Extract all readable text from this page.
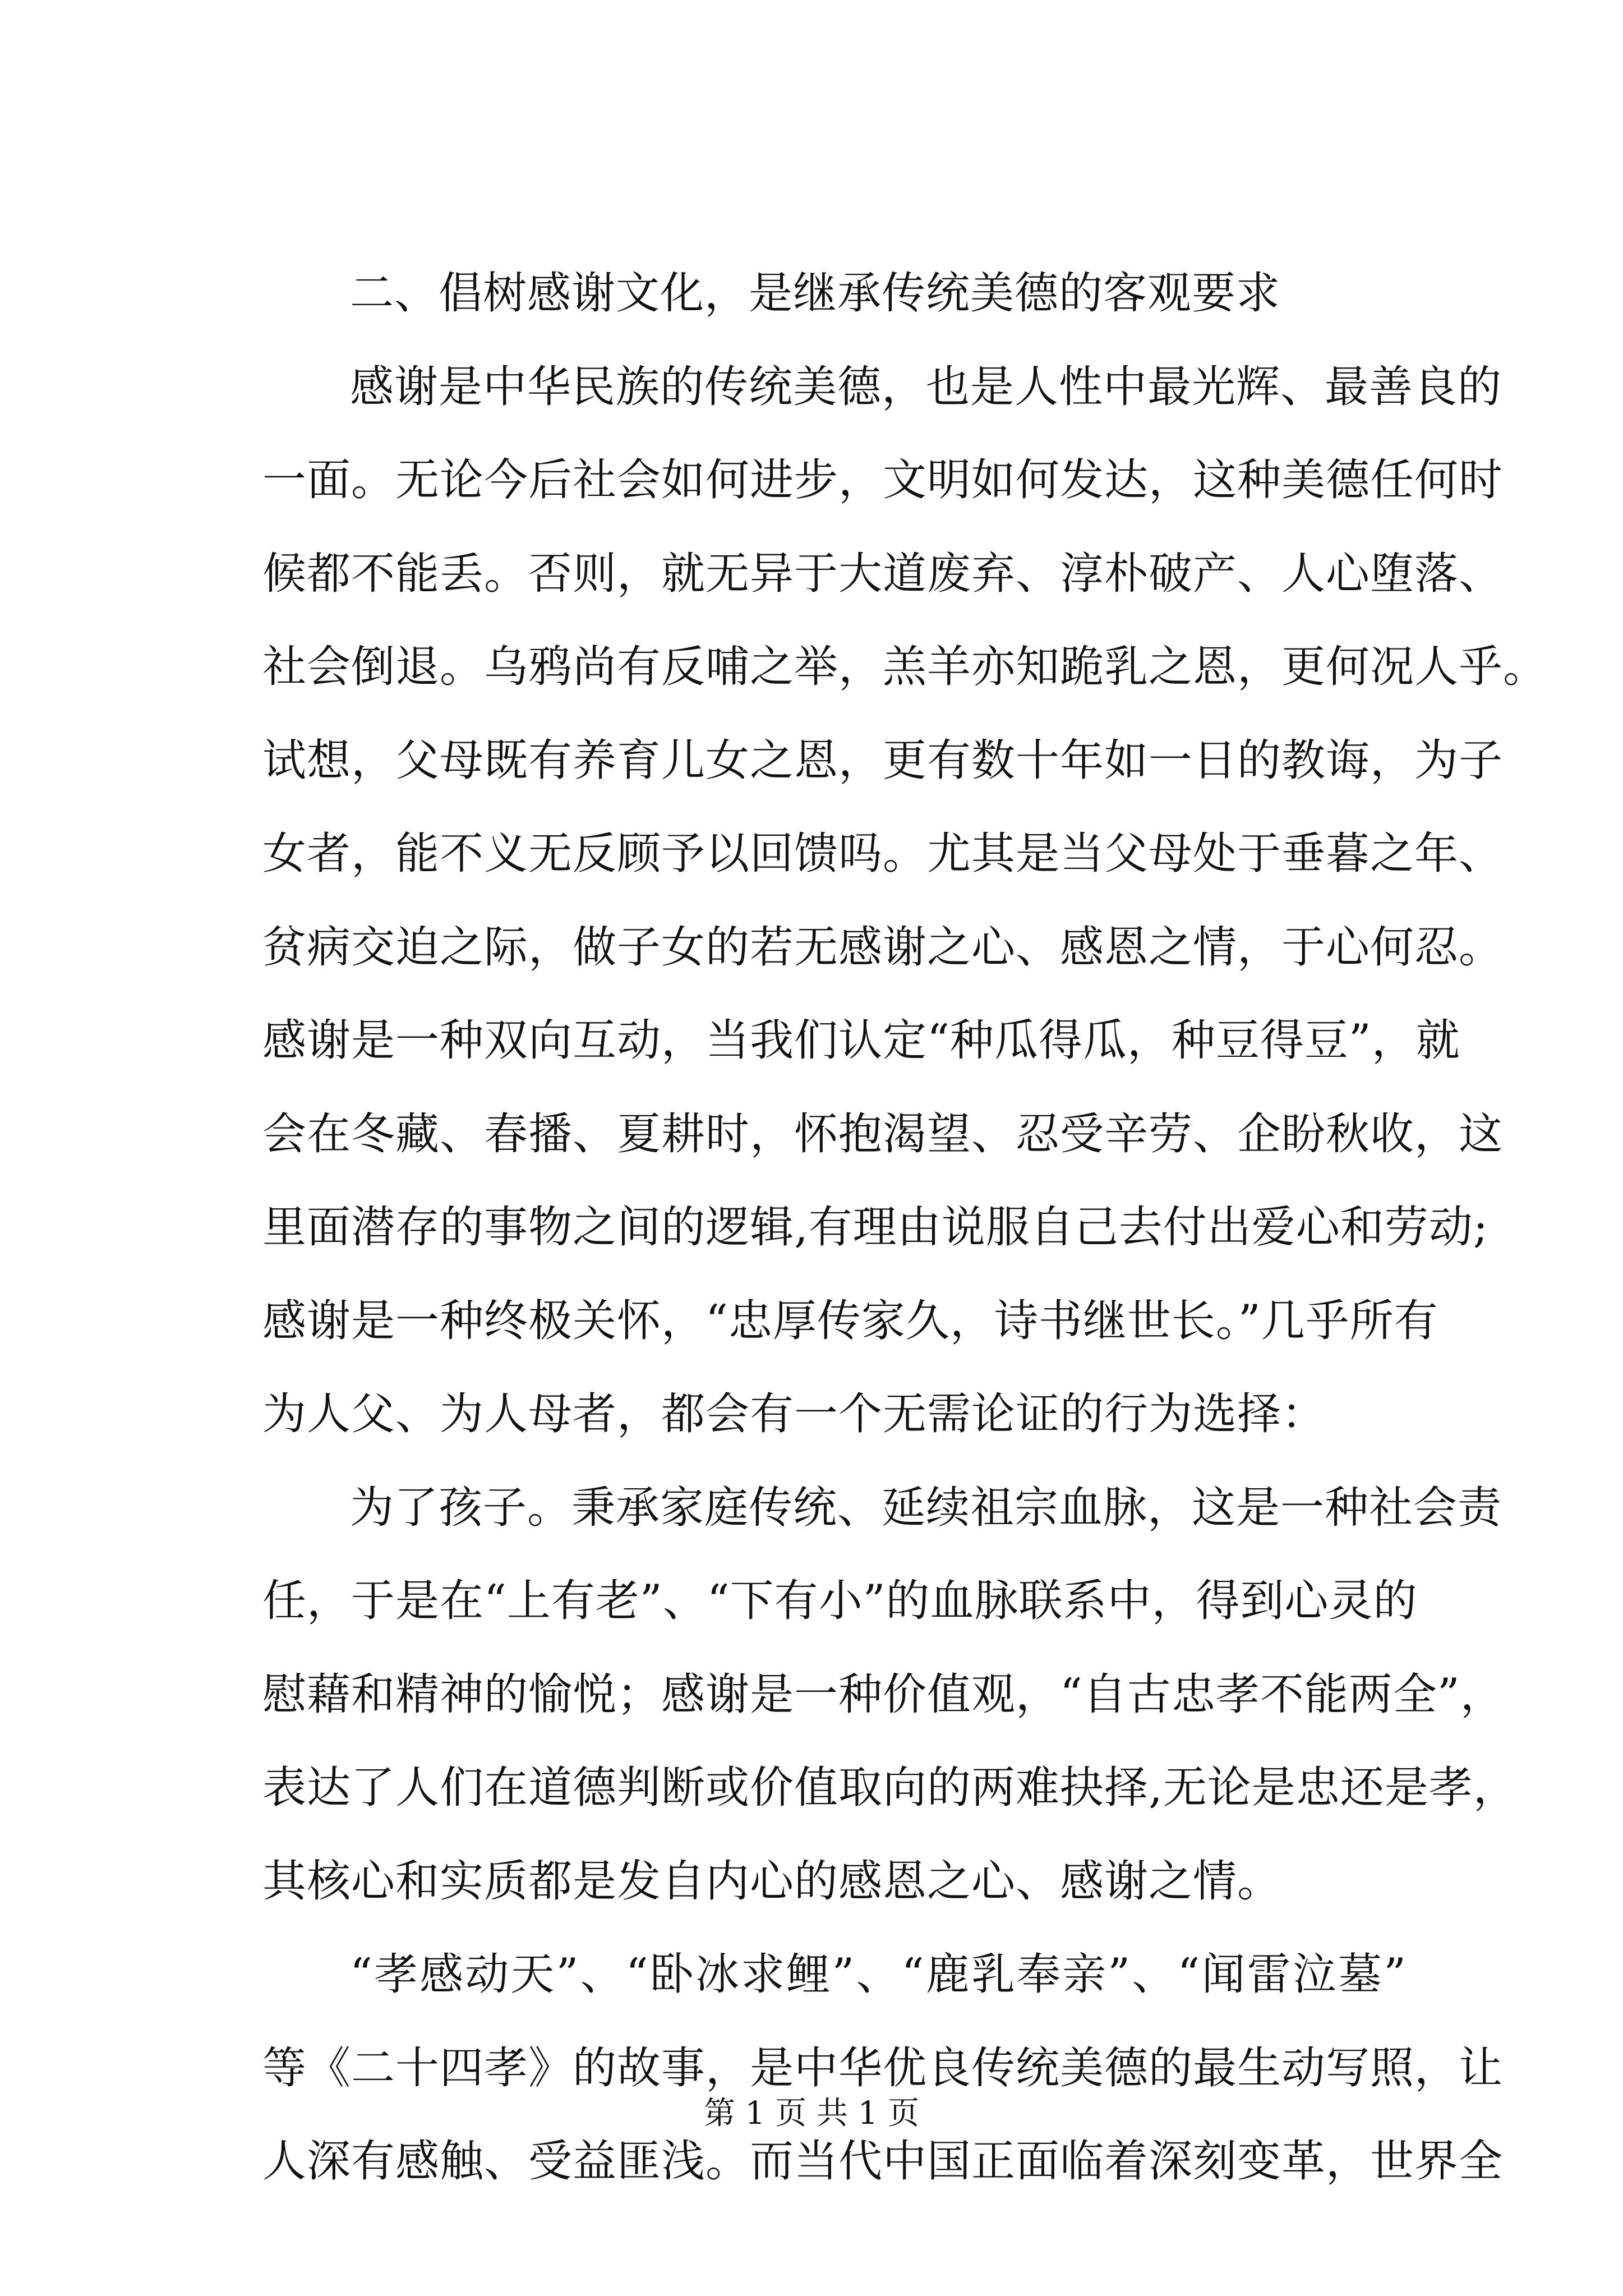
二、倡树感谢文化，是继承传统美德的客观要求
感谢是中华民族的传统美德，也是人性中最光辉、最善良的
一面。无论今后社会如何进步，文明如何发达，这种美德任何时
候都不能丢。否则，就无异于大道废弃、淳朴破产、人心堕落、
社会倒退。乌鸦尚有反哺之举，羔羊亦知跪乳之恩，更何况人乎。
试想，父母既有养育儿女之恩，更有数十年如一日的教诲，为子
女者，能不义无反顾予以回馈吗。尤其是当父母处于垂暮之年、
贫病交迫之际，做子女的若无感谢之心、感恩之情，于心何忍。
感谢是一种双向互动，当我们认定“种瓜得瓜，种豆得豆”，就
会在冬藏、春播、夏耕时，怀抱渴望、忍受辛劳、企盼秋收，这
里面潜存的事物之间的逻辑,有理由说服自己去付出爱心和劳动;
感谢是一种终极关怀，“忠厚传家久，诗书继世长。”几乎所有
为人父、为人母者，都会有一个无需论证的行为选择：
为了孩子。秉承家庭传统、延续祖宗血脉，这是一种社会责
任，于是在“上有老”、“下有小”的血脉联系中，得到心灵的
慰藉和精神的愉悦；感谢是一种价值观，“自古忠孝不能两全”，
表达了人们在道德判断或价值取向的两难抉择,无论是忠还是孝，
其核心和实质都是发自内心的感恩之心、感谢之情。
“孝感动天”、“卧冰求鲤”、“鹿乳奉亲”、“闻雷泣墓”
等《二十四孝》的故事，是中华优良传统美德的最生动写照，让
人深有感触、受益匪浅。而当代中国正面临着深刻变革，世界全
第 1 页 共 1 页
